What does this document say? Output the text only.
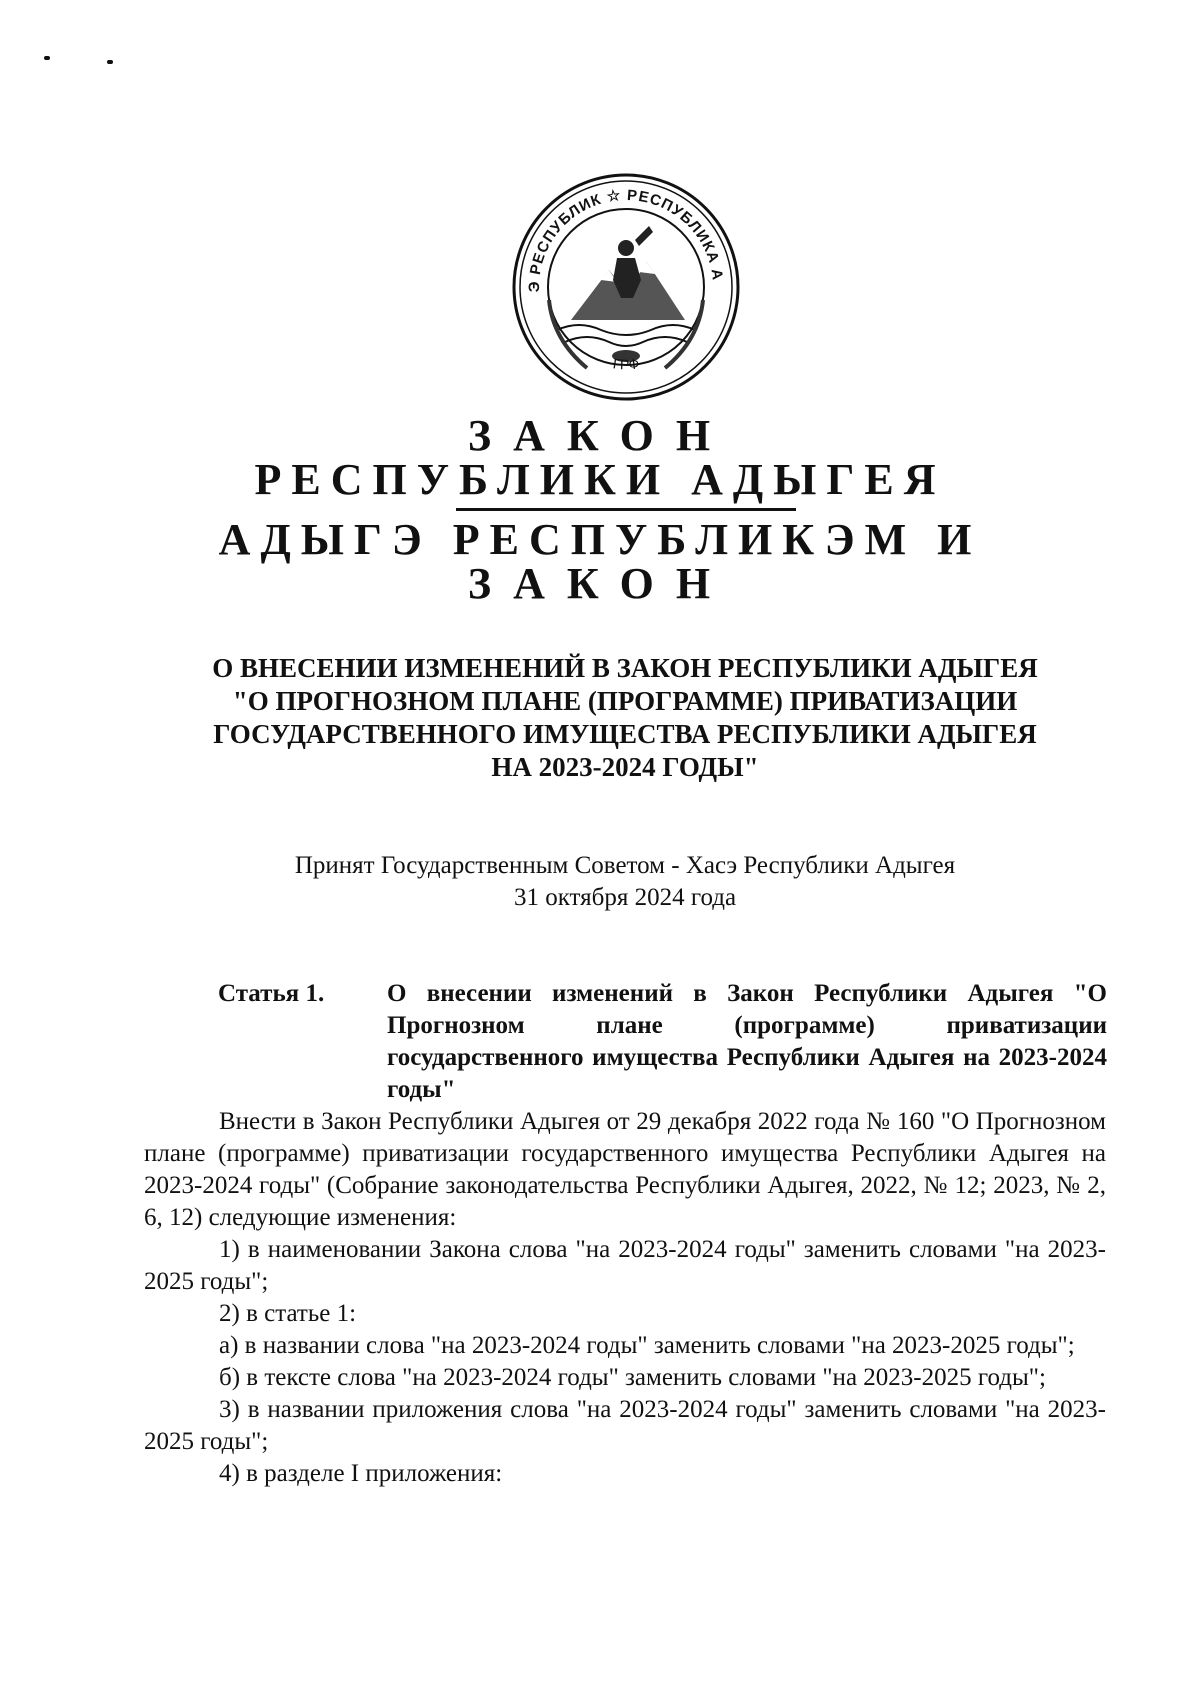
Э РЕСПУБЛИК ☆ РЕСПУБЛИКА А
ГРФ
ЗАКОН
РЕСПУБЛИКИ АДЫГЕЯ
АДЫГЭ РЕСПУБЛИКЭМ И
ЗАКОН
О ВНЕСЕНИИ ИЗМЕНЕНИЙ В ЗАКОН РЕСПУБЛИКИ АДЫГЕЯ
"О ПРОГНОЗНОМ ПЛАНЕ (ПРОГРАММЕ) ПРИВАТИЗАЦИИ
ГОСУДАРСТВЕННОГО ИМУЩЕСТВА РЕСПУБЛИКИ АДЫГЕЯ
НА 2023-2024 ГОДЫ"
Принят Государственным Советом - Хасэ Республики Адыгея
31 октября 2024 года
Статья 1.	О внесении изменений в Закон Республики Адыгея "О Прогнозном плане (программе) приватизации государственного имущества Республики Адыгея на 2023-2024 годы"

Внести в Закон Республики Адыгея от 29 декабря 2022 года № 160 "О Прогнозном плане (программе) приватизации государственного имущества Республики Адыгея на 2023-2024 годы" (Собрание законодательства Республики Адыгея, 2022, № 12; 2023, № 2, 6, 12) следующие изменения:

1) в наименовании Закона слова "на 2023-2024 годы" заменить словами "на 2023-2025 годы";

2) в статье 1:

а) в названии слова "на 2023-2024 годы" заменить словами "на 2023-2025 годы";

б) в тексте слова "на 2023-2024 годы" заменить словами "на 2023-2025 годы";

3) в названии приложения слова "на 2023-2024 годы" заменить словами "на 2023-2025 годы";

4) в разделе I приложения:
